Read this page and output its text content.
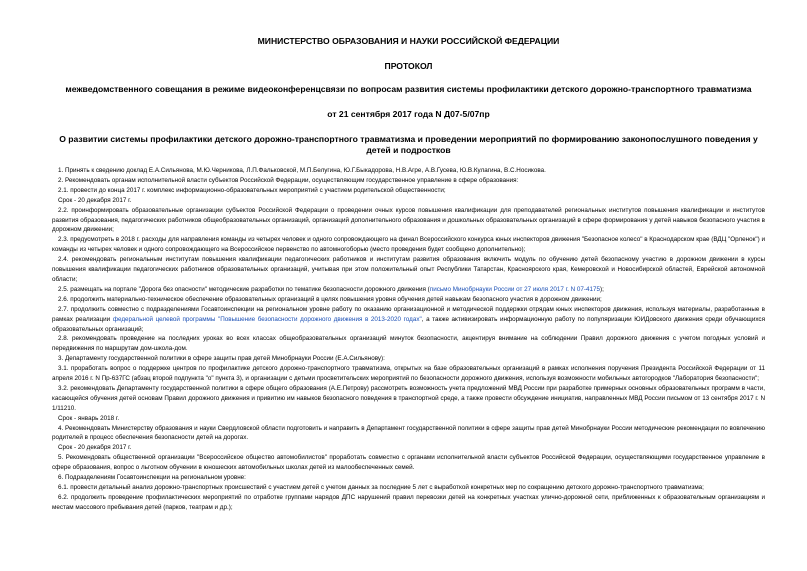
МИНИСТЕРСТВО ОБРАЗОВАНИЯ И НАУКИ РОССИЙСКОЙ ФЕДЕРАЦИИ
ПРОТОКОЛ
межведомственного совещания в режиме видеоконференцсвязи по вопросам развития системы профилактики детского дорожно-транспортного травматизма
от 21 сентября 2017 года N Д07-5/07пр
О развитии системы профилактики детского дорожно-транспортного травматизма и проведении мероприятий по формированию законопослушного поведения у детей и подростков

1. Принять к сведению доклад Е.А.Сильянова, М.Ю.Черникова, Л.П.Фальковской, М.П.Белугина, Ю.Г.Быкадорова, Н.В.Агре, А.В.Гусева, Ю.В.Кулагина, В.С.Носикова.

2. Рекомендовать органам исполнительной власти субъектов Российской Федерации, осуществляющим государственное управление в сфере образования:

2.1. провести до конца 2017 г. комплекс информационно-образовательных мероприятий с участием родительской общественности;

Срок - 20 декабря 2017 г.

2.2. проинформировать образовательные организации субъектов Российской Федерации о проведении очных курсов повышения квалификации для преподавателей региональных институтов повышения квалификации и институтов развития образования, педагогических работников общеобразовательных организаций, организаций дополнительного образования и дошкольных образовательных организаций в сфере формирования у детей навыков безопасного участия в дорожном движении;

2.3. предусмотреть в 2018 г. расходы для направления команды из четырех человек и одного сопровождающего на финал Всероссийского конкурса юных инспекторов движения "Безопасное колесо" в Краснодарском крае (ВДЦ "Орленок") и команды из четырех человек и одного сопровождающего на Всероссийское первенство по автомногоборью (место проведения будет сообщено дополнительно);

2.4. рекомендовать региональным институтам повышения квалификации педагогических работников и институтам развития образования включить модуль по обучению детей безопасному участию в дорожном движении в курсы повышения квалификации педагогических работников образовательных организаций, учитывая при этом положительный опыт Республики Татарстан, Красноярского края, Кемеровской и Новосибирской областей, Еврейской автономной области;

2.5. размещать на портале "Дорога без опасности" методические разработки по тематике безопасности дорожного движения (письмо Минобрнауки России от 27 июля 2017 г. N 07-4175);

2.6. продолжить материально-техническое обеспечение образовательных организаций в целях повышения уровня обучения детей навыкам безопасного участия в дорожном движении;

2.7. продолжить совместно с подразделениями Госавтоинспекции на региональном уровне работу по оказанию организационной и методической поддержки отрядам юных инспекторов движения, используя материалы, разработанные в рамках реализации федеральной целевой программы "Повышение безопасности дорожного движения в 2013-2020 годах", а также активизировать информационную работу по популяризации ЮИДовского движения среди обучающихся образовательных организаций;

2.8. рекомендовать проведение на последних уроках во всех классах общеобразовательных организаций минуток безопасности, акцентируя внимание на соблюдении Правил дорожного движения с учетом погодных условий и передвижения по маршрутам дом-школа-дом.

3. Департаменту государственной политики в сфере защиты прав детей Минобрнауки России (Е.А.Сильянову):

3.1. проработать вопрос о поддержке центров по профилактике детского дорожно-транспортного травматизма, открытых на базе образовательных организаций в рамках исполнения поручения Президента Российской Федерации от 11 апреля 2016 г. N Пр-637ГС (абзац второй подпункта "о" пункта 3), и организации с детьми просветительских мероприятий по безопасности дорожного движения, используя возможности мобильных автогородков "Лаборатория безопасности";

3.2. рекомендовать Департаменту государственной политики в сфере общего образования (А.Е.Петрову) рассмотреть возможность учета предложений МВД России при разработке примерных основных образовательных программ в части, касающейся обучения детей основам Правил дорожного движения и привитию им навыков безопасного поведения в транспортной среде, а также провести обсуждение инициатив, направленных МВД России письмом от 13 сентября 2017 г. N 1/11210.

Срок - январь 2018 г.

4. Рекомендовать Министерству образования и науки Свердловской области подготовить и направить в Департамент государственной политики в сфере защиты прав детей Минобрнауки России методические рекомендации по вовлечению родителей в процесс обеспечения безопасности детей на дорогах.

Срок - 20 декабря 2017 г.

5. Рекомендовать общественной организации "Всероссийское общество автомобилистов" проработать совместно с органами исполнительной власти субъектов Российской Федерации, осуществляющими государственное управление в сфере образования, вопрос о льготном обучении в юношеских автомобильных школах детей из малообеспеченных семей.

6. Подразделениям Госавтоинспекции на региональном уровне:

6.1. провести детальный анализ дорожно-транспортных происшествий с участием детей с учетом данных за последние 5 лет с выработкой конкретных мер по сокращению детского дорожно-транспортного травматизма;

6.2. продолжить проведение профилактических мероприятий по отработке группами нарядов ДПС нарушений правил перевозки детей на конкретных участках улично-дорожной сети, приближенных к образовательным организациям и местам массового пребывания детей (парков, театрам и др.);
